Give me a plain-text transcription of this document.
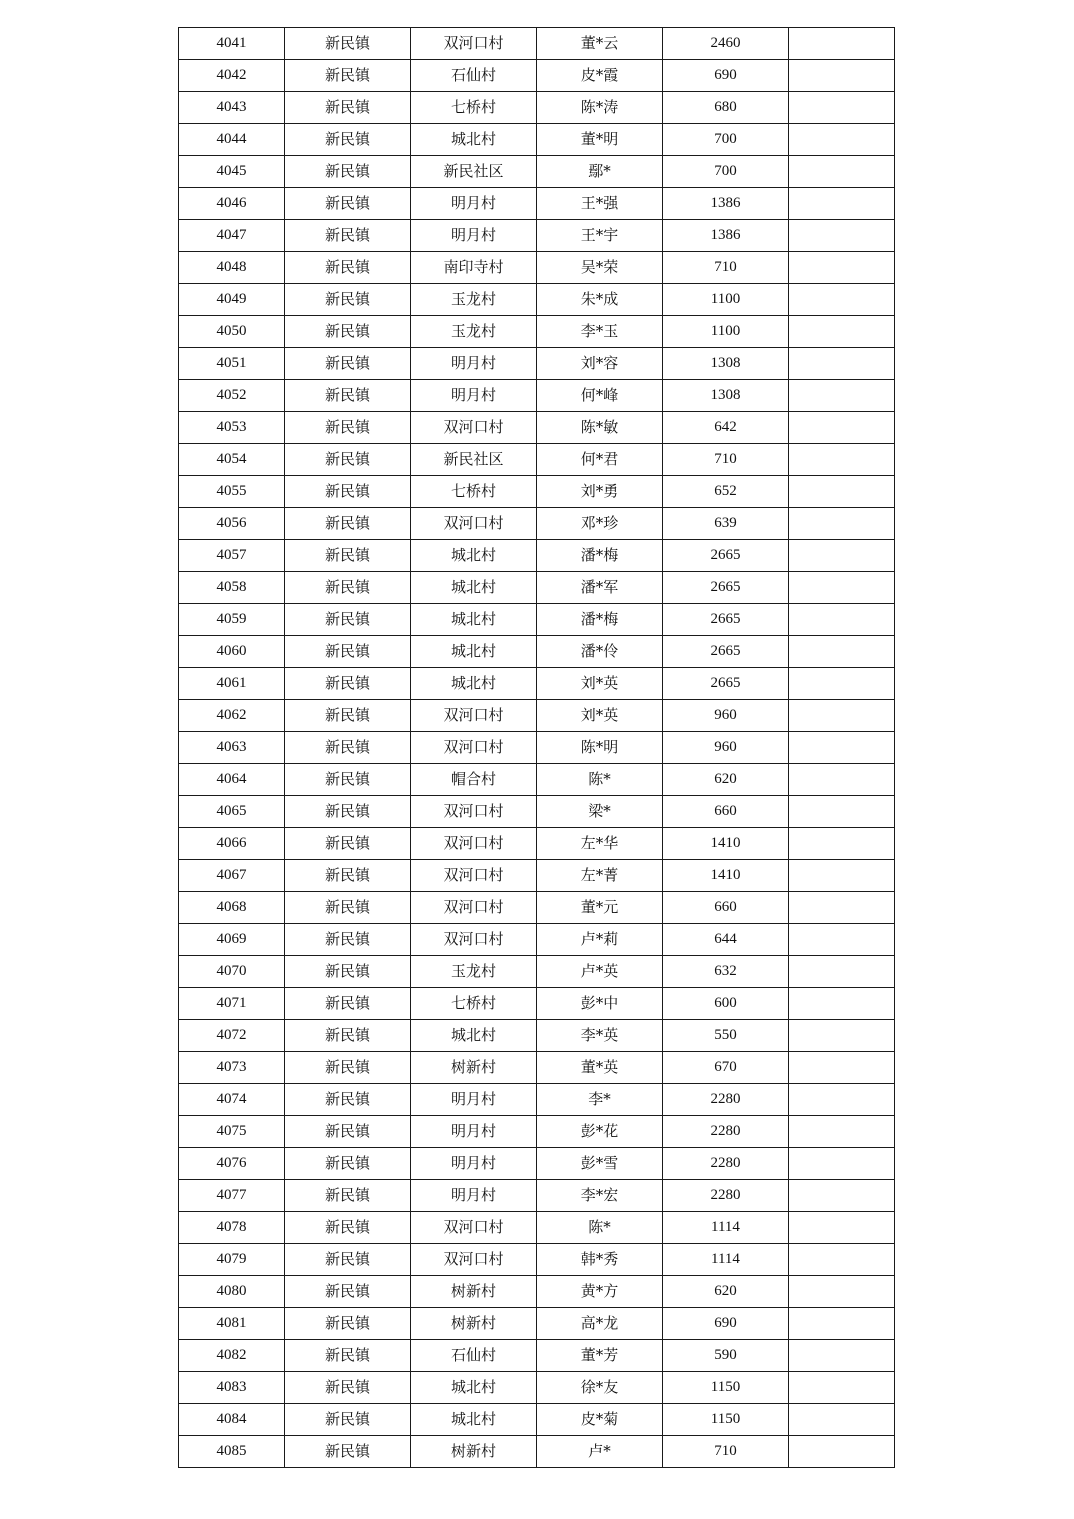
4041	新民镇	双河口村	董*云	2460	
4042	新民镇	石仙村	皮*霞	690	
4043	新民镇	七桥村	陈*涛	680	
4044	新民镇	城北村	董*明	700	
4045	新民镇	新民社区	鄢*	700	
4046	新民镇	明月村	王*强	1386	
4047	新民镇	明月村	王*宇	1386	
4048	新民镇	南印寺村	吴*荣	710	
4049	新民镇	玉龙村	朱*成	1100	
4050	新民镇	玉龙村	李*玉	1100	
4051	新民镇	明月村	刘*容	1308	
4052	新民镇	明月村	何*峰	1308	
4053	新民镇	双河口村	陈*敏	642	
4054	新民镇	新民社区	何*君	710	
4055	新民镇	七桥村	刘*勇	652	
4056	新民镇	双河口村	邓*珍	639	
4057	新民镇	城北村	潘*梅	2665	
4058	新民镇	城北村	潘*军	2665	
4059	新民镇	城北村	潘*梅	2665	
4060	新民镇	城北村	潘*伶	2665	
4061	新民镇	城北村	刘*英	2665	
4062	新民镇	双河口村	刘*英	960	
4063	新民镇	双河口村	陈*明	960	
4064	新民镇	帽合村	陈*	620	
4065	新民镇	双河口村	梁*	660	
4066	新民镇	双河口村	左*华	1410	
4067	新民镇	双河口村	左*菁	1410	
4068	新民镇	双河口村	董*元	660	
4069	新民镇	双河口村	卢*莉	644	
4070	新民镇	玉龙村	卢*英	632	
4071	新民镇	七桥村	彭*中	600	
4072	新民镇	城北村	李*英	550	
4073	新民镇	树新村	董*英	670	
4074	新民镇	明月村	李*	2280	
4075	新民镇	明月村	彭*花	2280	
4076	新民镇	明月村	彭*雪	2280	
4077	新民镇	明月村	李*宏	2280	
4078	新民镇	双河口村	陈*	1114	
4079	新民镇	双河口村	韩*秀	1114	
4080	新民镇	树新村	黄*方	620	
4081	新民镇	树新村	高*龙	690	
4082	新民镇	石仙村	董*芳	590	
4083	新民镇	城北村	徐*友	1150	
4084	新民镇	城北村	皮*菊	1150	
4085	新民镇	树新村	卢*	710	
